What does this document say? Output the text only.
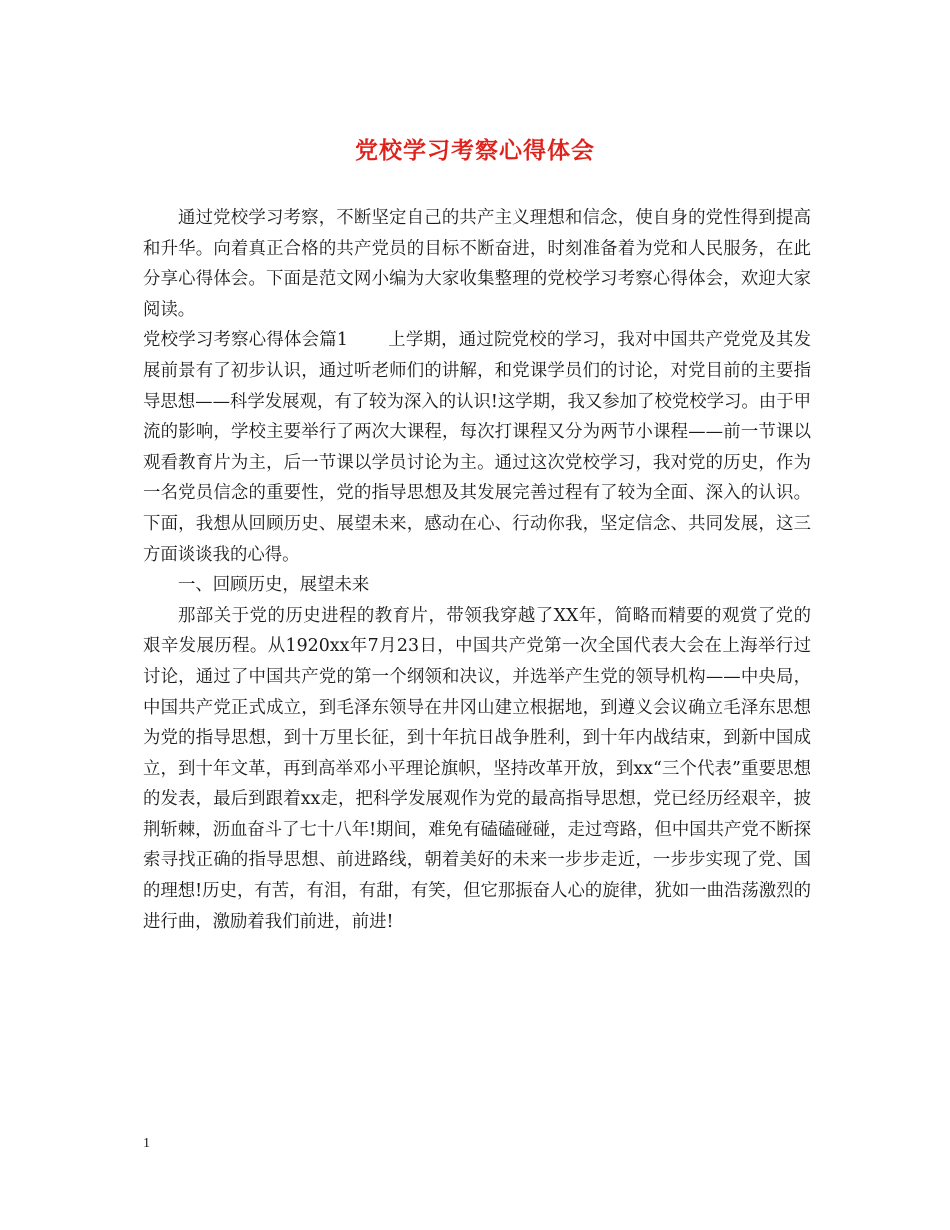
党校学习考察心得体会

通过党校学习考察，不断坚定自己的共产主义理想和信念，使自身的党性得到提高和升华。向着真正合格的共产党员的目标不断奋进，时刻准备着为党和人民服务，在此分享心得体会。下面是范文网小编为大家收集整理的党校学习考察心得体会，欢迎大家阅读。

党校学习考察心得体会篇1 上学期，通过院党校的学习，我对中国共产党党及其发展前景有了初步认识，通过听老师们的讲解，和党课学员们的讨论，对党目前的主要指导思想——科学发展观，有了较为深入的认识!这学期，我又参加了校党校学习。由于甲流的影响，学校主要举行了两次大课程，每次打课程又分为两节小课程——前一节课以观看教育片为主，后一节课以学员讨论为主。通过这次党校学习，我对党的历史，作为一名党员信念的重要性，党的指导思想及其发展完善过程有了较为全面、深入的认识。下面，我想从回顾历史、展望未来，感动在心、行动你我，坚定信念、共同发展，这三方面谈谈我的心得。

一、回顾历史，展望未来

那部关于党的历史进程的教育片，带领我穿越了XX年，简略而精要的观赏了党的艰辛发展历程。从1920xx年7月23日，中国共产党第一次全国代表大会在上海举行过讨论，通过了中国共产党的第一个纲领和决议，并选举产生党的领导机构——中央局，中国共产党正式成立，到毛泽东领导在井冈山建立根据地，到遵义会议确立毛泽东思想为党的指导思想，到十万里长征，到十年抗日战争胜利，到十年内战结束，到新中国成立，到十年文革，再到高举邓小平理论旗帜，坚持改革开放，到xx“三个代表”重要思想的发表，最后到跟着xx走，把科学发展观作为党的最高指导思想，党已经历经艰辛，披荆斩棘，沥血奋斗了七十八年!期间，难免有磕磕碰碰，走过弯路，但中国共产党不断探索寻找正确的指导思想、前进路线，朝着美好的未来一步步走近，一步步实现了党、国的理想!历史，有苦，有泪，有甜，有笑，但它那振奋人心的旋律，犹如一曲浩荡激烈的进行曲，激励着我们前进，前进!

1
